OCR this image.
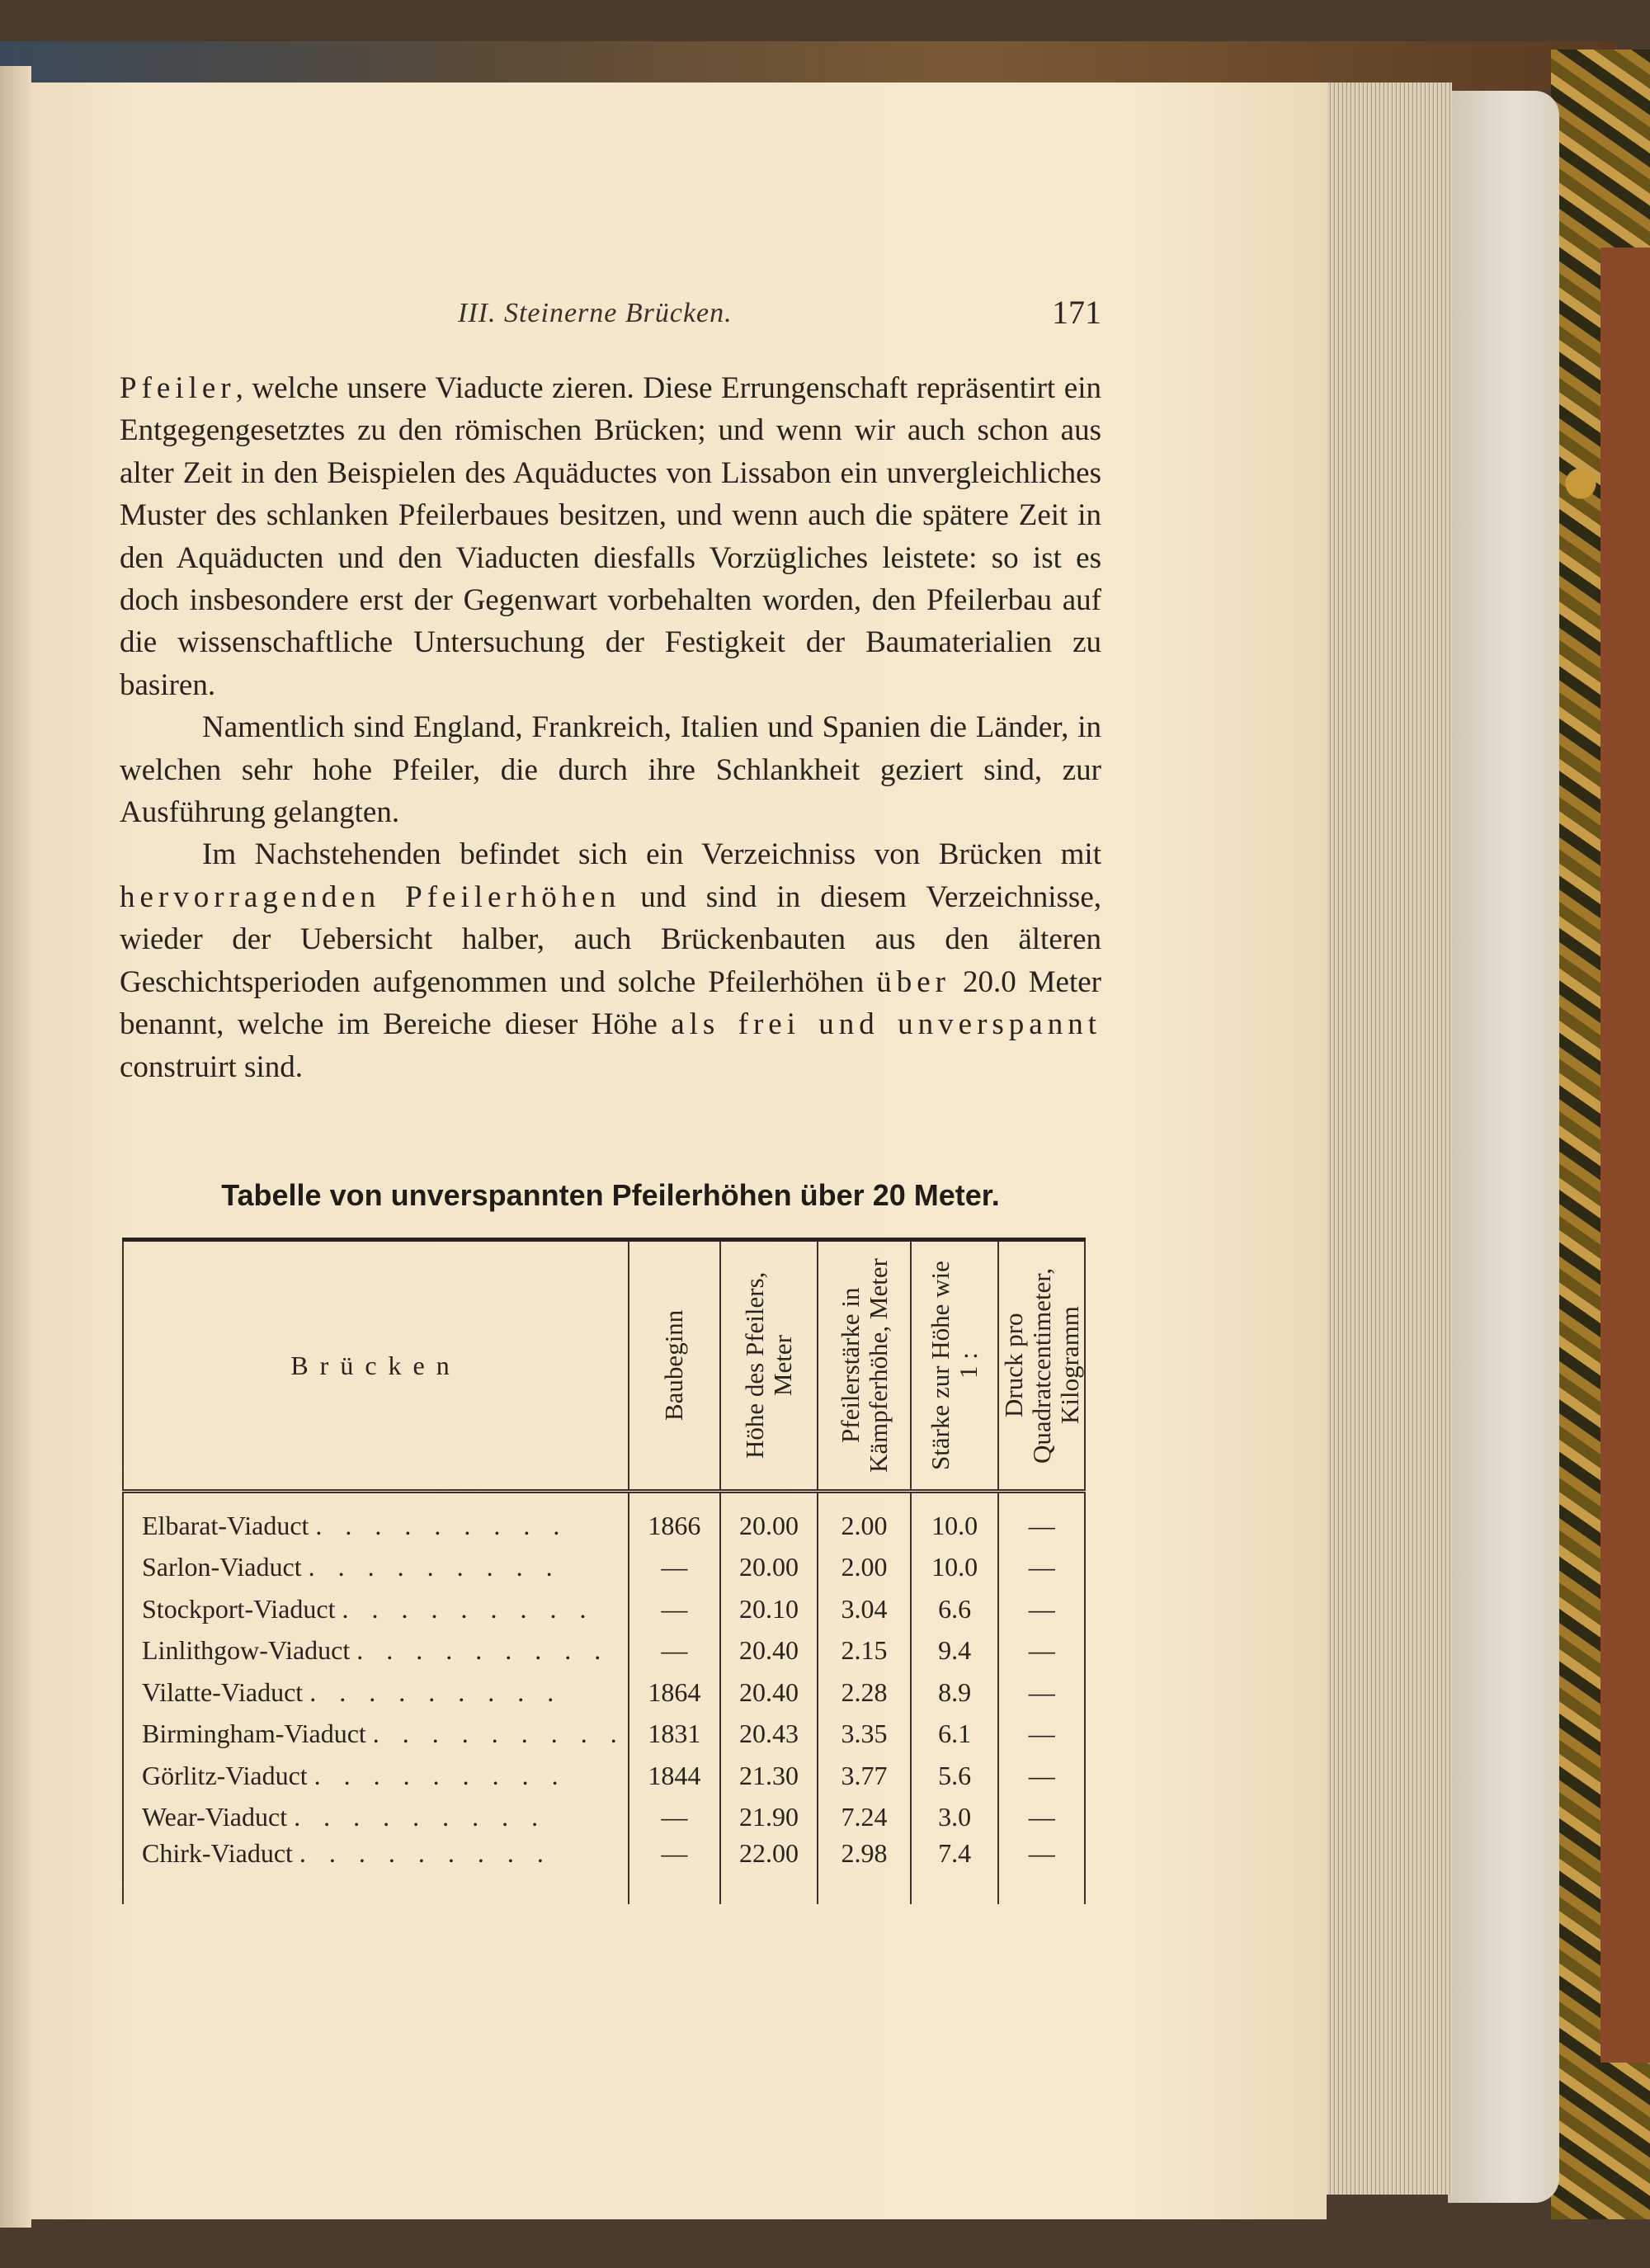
III. Steinerne Brücken.	171

Pfeiler, welche unsere Viaducte zieren. Diese Errungenschaft repräsentirt ein Entgegengesetztes zu den römischen Brücken; und wenn wir auch schon aus alter Zeit in den Beispielen des Aquäductes von Lissabon ein unvergleichliches Muster des schlanken Pfeilerbaues besitzen, und wenn auch die spätere Zeit in den Aquäducten und den Viaducten diesfalls Vorzügliches leistete: so ist es doch insbesondere erst der Gegenwart vorbehalten worden, den Pfeilerbau auf die wissenschaftliche Untersuchung der Festigkeit der Baumaterialien zu basiren.

Namentlich sind England, Frankreich, Italien und Spanien die Länder, in welchen sehr hohe Pfeiler, die durch ihre Schlankheit geziert sind, zur Ausführung gelangten.

Im Nachstehenden befindet sich ein Verzeichniss von Brücken mit hervorragenden Pfeilerhöhen und sind in diesem Verzeichnisse, wieder der Uebersicht halber, auch Brückenbauten aus den älteren Geschichtsperioden aufgenommen und solche Pfeilerhöhen über 20.0 Meter benannt, welche im Bereiche dieser Höhe als frei und unverspannt construirt sind.

Tabelle von unverspannten Pfeilerhöhen über 20 Meter.
Brücken	Baubeginn	Höhe des Pfeilers, Meter	Pfeilerstärke in Kämpferhöhe, Meter	Stärke zur Höhe wie 1 :	Druck pro Quadratcentimeter, Kilogramm

Elbarat-Viaduct . . . . . . . . .	1866	20.00	2.00	10.0	—
Sarlon-Viaduct . . . . . . . . .	—	20.00	2.00	10.0	—
Stockport-Viaduct . . . . . . . . .	—	20.10	3.04	6.6	—
Linlithgow-Viaduct . . . . . . . . .	—	20.40	2.15	9.4	—
Vilatte-Viaduct . . . . . . . . .	1864	20.40	2.28	8.9	—
Birmingham-Viaduct . . . . . . . . .	1831	20.43	3.35	6.1	—
Görlitz-Viaduct . . . . . . . . .	1844	21.30	3.77	5.6	—
Wear-Viaduct . . . . . . . . .	—	21.90	7.24	3.0	—
Chirk-Viaduct . . . . . . . . .	—	22.00	2.98	7.4	—
